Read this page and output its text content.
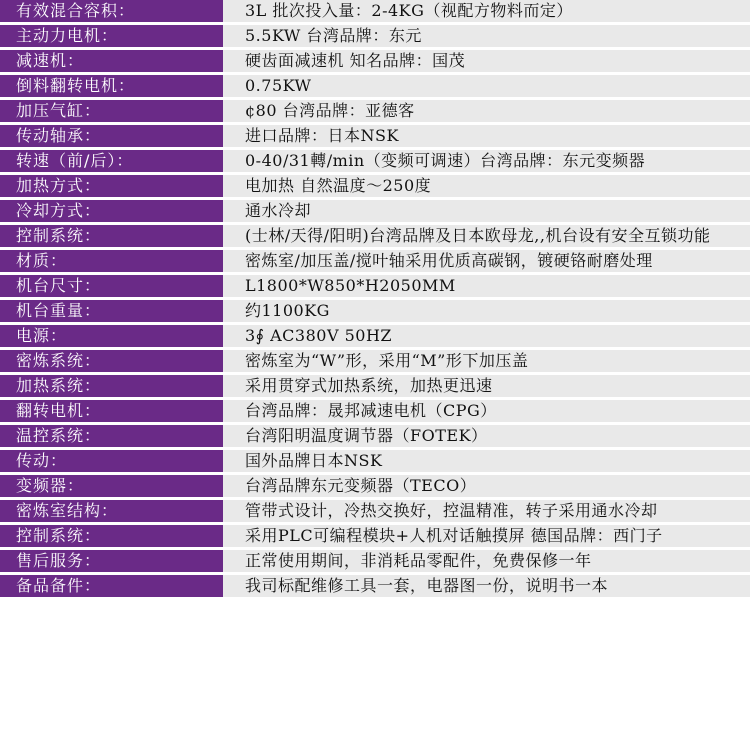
有效混合容积：	3L 批次投入量：2-4KG（视配方物料而定）
主动力电机：	5.5KW 台湾品牌：东元
减速机：	硬齿面减速机 知名品牌：国茂
倒料翻转电机：	0.75KW
加压气缸：	¢80 台湾品牌：亚德客
传动轴承：	进口品牌：日本NSK
转速（前/后）：	0-40/31轉/min（变频可调速）台湾品牌：东元变频器
加热方式：	电加热 自然温度～250度
冷却方式：	通水冷却
控制系统：	(士林/天得/阳明)台湾品牌及日本欧母龙,,机台设有安全互锁功能
材质：	密炼室/加压盖/搅叶轴采用优质高碳钢，镀硬铬耐磨处理
机台尺寸：	L1800*W850*H2050MM
机台重量：	约1100KG
电源：	3∮ AC380V 50HZ
密炼系统：	密炼室为“W”形，采用“M”形下加压盖
加热系统：	采用贯穿式加热系统，加热更迅速
翻转电机：	台湾品牌：晟邦减速电机（CPG）
温控系统：	台湾阳明温度调节器（FOTEK）
传动：	国外品牌日本NSK
变频器：	台湾品牌东元变频器（TECO）
密炼室结构：	管带式设计，冷热交换好，控温精准，转子采用通水冷却
控制系统：	采用PLC可编程模块+人机对话触摸屏 德国品牌：西门子
售后服务：	正常使用期间，非消耗品零配件，免费保修一年
备品备件：	我司标配维修工具一套，电器图一份，说明书一本
